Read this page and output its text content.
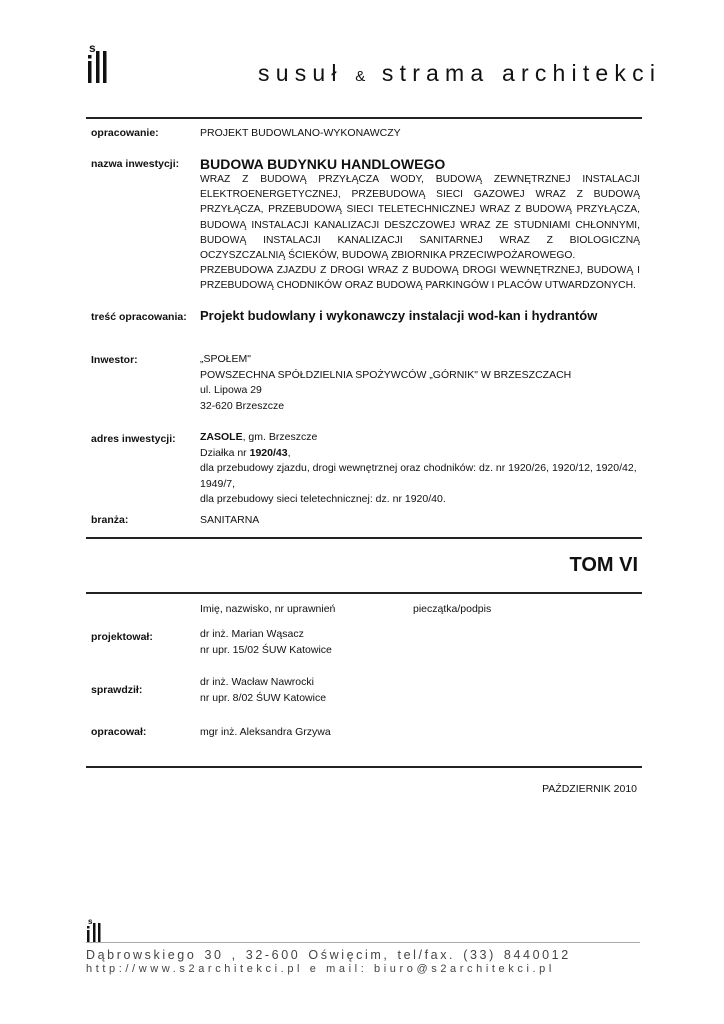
s
susuł & strama architekci
opracowanie:	PROJEKT BUDOWLANO-WYKONAWCZY
nazwa inwestycji: BUDOWA BUDYNKU HANDLOWEGO
WRAZ Z BUDOWĄ PRZYŁĄCZA WODY, BUDOWĄ ZEWNĘTRZNEJ INSTALACJI ELEKTROENERGETYCZNEJ, PRZEBUDOWĄ SIECI GAZOWEJ WRAZ Z BUDOWĄ PRZYŁĄCZA, PRZEBUDOWĄ SIECI TELETECHNICZNEJ WRAZ Z BUDOWĄ PRZYŁĄCZA, BUDOWĄ INSTALACJI KANALIZACJI DESZCZOWEJ WRAZ ZE STUDNIAMI CHŁONNYMI, BUDOWĄ INSTALACJI KANALIZACJI SANITARNEJ WRAZ Z BIOLOGICZNĄ OCZYSZCZALNIĄ ŚCIEKÓW, BUDOWĄ ZBIORNIKA PRZECIWPOŻAROWEGO.
PRZEBUDOWA ZJAZDU Z DROGI WRAZ Z BUDOWĄ DROGI WEWNĘTRZNEJ, BUDOWĄ I PRZEBUDOWĄ CHODNIKÓW ORAZ BUDOWĄ PARKINGÓW I PLACÓW UTWARDZONYCH.
treść opracowania: Projekt budowlany i wykonawczy instalacji wod-kan i hydrantów
Inwestor:	„SPOŁEM"
POWSZECHNA SPÓŁDZIELNIA SPOŻYWCÓW „GÓRNIK" W BRZESZCZACH
ul. Lipowa 29
32-620 Brzeszcze
adres inwestycji: ZASOLE, gm. Brzeszcze
Działka nr 1920/43,
dla przebudowy zjazdu, drogi wewnętrznej oraz chodników: dz. nr 1920/26, 1920/12, 1920/42,
1949/7,
dla przebudowy sieci teletechnicznej: dz. nr 1920/40.
branża:	SANITARNA
TOM VI
Imię, nazwisko, nr uprawnień	pieczątka/podpis
projektował:	dr inż. Marian Wąsacz
nr upr. 15/02 ŚUW Katowice
sprawdził:
dr inż. Wacław Nawrocki
nr upr. 8/02 ŚUW Katowice
opracował:	mgr inż. Aleksandra Grzywa
PAŹDZIERNIK 2010
s
Dąbrowskiego 30 , 32-600 Oświęcim, tel/fax. (33) 8440012
http://www.s2architekci.pl e mail: biuro@s2architekci.pl
